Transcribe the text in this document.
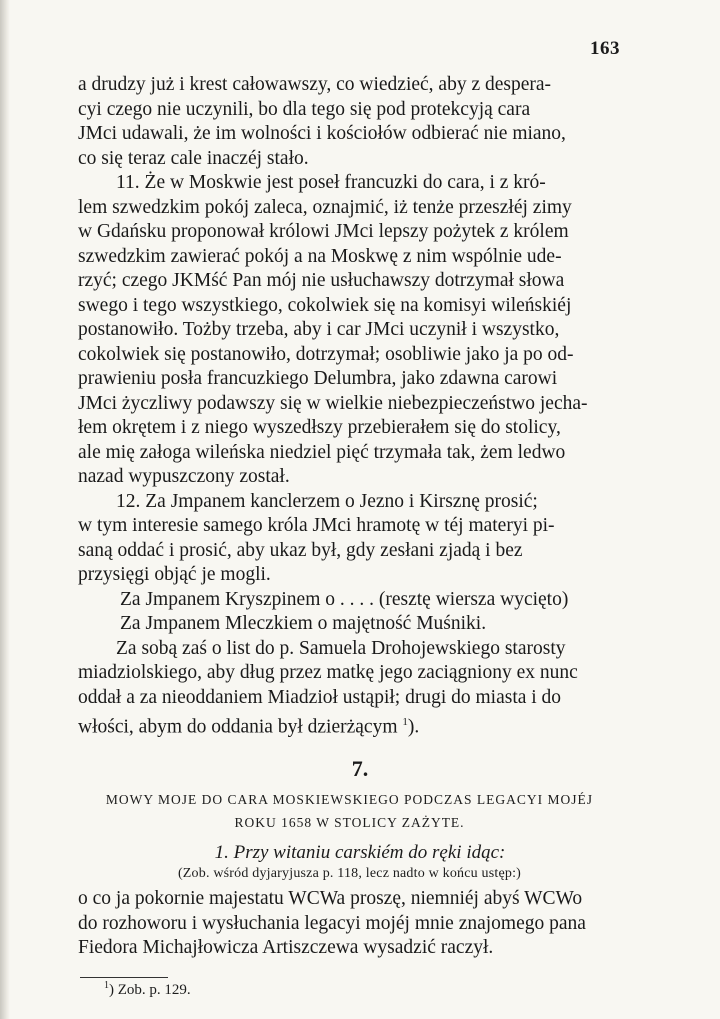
163

a drudzy już i krest całowawszy, co wiedzieć, aby z despera-

cyi czego nie uczynili, bo dla tego się pod protekcyją cara

JMci udawali, że im wolności i kościołów odbierać nie miano,

co się teraz cale inaczéj stało.

11. Że w Moskwie jest poseł francuzki do cara, i z kró-

lem szwedzkim pokój zaleca, oznajmić, iż tenże przeszłéj zimy

w Gdańsku proponował królowi JMci lepszy pożytek z królem

szwedzkim zawierać pokój a na Moskwę z nim wspólnie ude-

rzyć; czego JKMść Pan mój nie usłuchawszy dotrzymał słowa

swego i tego wszystkiego, cokolwiek się na komisyi wileńskiéj

postanowiło. Tożby trzeba, aby i car JMci uczynił i wszystko,

cokolwiek się postanowiło, dotrzymał; osobliwie jako ja po od-

prawieniu posła francuzkiego Delumbra, jako zdawna carowi

JMci życzliwy podawszy się w wielkie niebezpieczeństwo jecha-

łem okrętem i z niego wyszedłszy przebierałem się do stolicy,

ale mię załoga wileńska niedziel pięć trzymała tak, żem ledwo

nazad wypuszczony został.

12. Za Jmpanem kanclerzem o Jezno i Kirsznę prosić;

w tym interesie samego króla JMci hramotę w téj materyi pi-

saną oddać i prosić, aby ukaz był, gdy zesłani zjadą i bez

przysięgi objąć je mogli.

Za Jmpanem Kryszpinem o . . . . (resztę wiersza wycięto)

Za Jmpanem Mleczkiem o majętność Muśniki.

Za sobą zaś o list do p. Samuela Drohojewskiego starosty

miadziolskiego, aby dług przez matkę jego zaciągniony ex nunc

oddał a za nieoddaniem Miadzioł ustąpił; drugi do miasta i do

włości, abym do oddania był dzierżącym $^1$).

7.
MOWY MOJE DO CARA MOSKIEWSKIEGO PODCZAS LEGACYI MOJÉJ
ROKU 1658 W STOLICY ZAŻYTE.
1. Przy witaniu carskiém do ręki idąc:
(Zob. wśród dyjaryjusza p. 118, lecz nadto w końcu ustęp:)

o co ja pokornie majestatu WCWa proszę, niemniéj abyś WCWo

do rozhoworu i wysłuchania legacyi mojéj mnie znajomego pana

Fiedora Michajłowicza Artiszczewa wysadzić raczył.

$^1$) Zob. p. 129.
